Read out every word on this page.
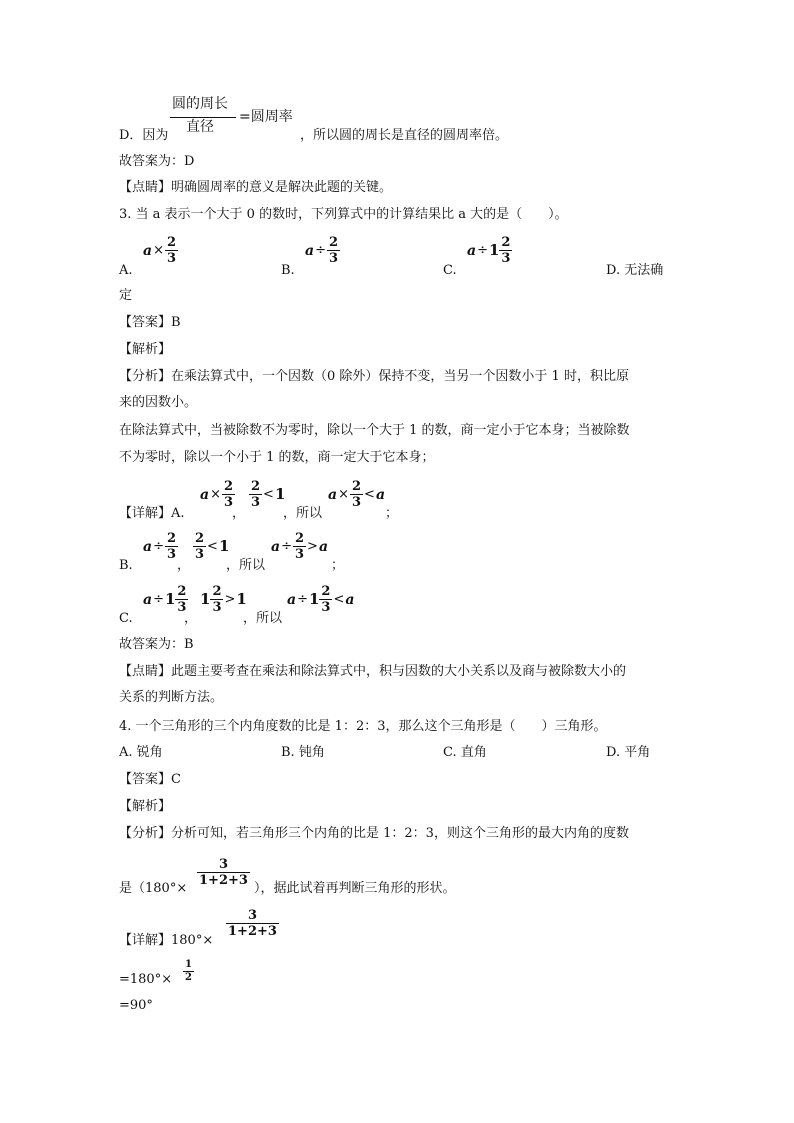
圆的周长
直径
=圆周率
D．因为	，所以圆的周长是直径的圆周率倍。
故答案为：D
【点睛】明确圆周率的意义是解决此题的关键。
3. 当 a 表示一个大于 0 的数时，下列算式中的计算结果比 a 大的是（　　）。
A.
$a \times \frac{2}{3}$
B.
$a \div \frac{2}{3}$
C.
$a \div 1 \frac{2}{3}$
D. 无法确
定
【答案】B
【解析】
【分析】在乘法算式中，一个因数（0 除外）保持不变，当另一个因数小于 1 时，积比原
来的因数小。
在除法算式中，当被除数不为零时，除以一个大于 1 的数，商一定小于它本身；当被除数
不为零时，除以一个小于 1 的数，商一定大于它本身；
【详解】A.
$a \times \frac{2}{3}$
，
$\frac{2}{3} < 1$
，所以
$a \times \frac{2}{3} < a$
；
B.
$a \div \frac{2}{3}$
，
$\frac{2}{3} < 1$
，所以
$a \div \frac{2}{3} > a$
；
C.
$a \div 1 \frac{2}{3}$
，
$1 \frac{2}{3} > 1$
，所以
$a \div 1 \frac{2}{3} < a$
故答案为：B
【点睛】此题主要考查在乘法和除法算式中，积与因数的大小关系以及商与被除数大小的
关系的判断方法。
4. 一个三角形的三个内角度数的比是 1：2：3，那么这个三角形是（　　）三角形。
A. 锐角	B. 钝角	C. 直角	D. 平角
【答案】C
【解析】
【分析】分析可知，若三角形三个内角的比是 1：2：3，则这个三角形的最大内角的度数
是（180°×
$\frac{3}{1+2+3}$
），据此试着再判断三角形的形状。
【详解】180°×
$\frac{3}{1+2+3}$
$=180^\circ\times \frac{1}{2}$
=90°
